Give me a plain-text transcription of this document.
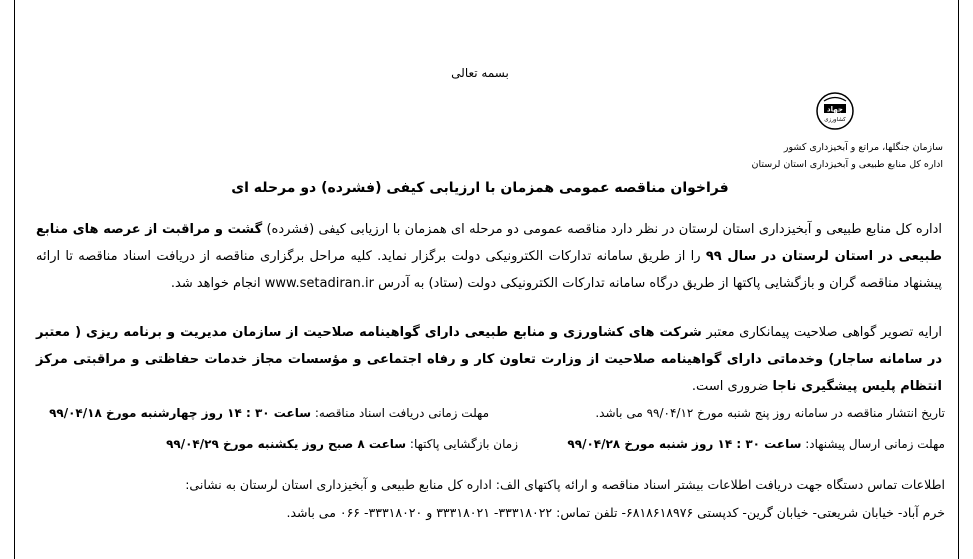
بسمه تعالی
جهاد
کشاورزی
سازمان جنگلها، مراتع و آبخیزداری کشور
اداره کل منابع طبیعی و آبخیزداری استان لرستان
فراخوان مناقصه عمومی همزمان با ارزیابی کیفی (فشرده) دو مرحله ای
اداره کل منابع طبیعی و آبخیزداری استان لرستان در نظر دارد مناقصه عمومی دو مرحله ای همزمان با ارزیابی کیفی (فشرده) گشت و مراقبت از عرصه های منابع طبیعی در استان لرستان در سال ۹۹ را از طریق سامانه تدارکات الکترونیکی دولت برگزار نماید. کلیه مراحل برگزاری مناقصه از دریافت اسناد مناقصه تا ارائه پیشنهاد مناقصه گران و بازگشایی پاکتها از طریق درگاه سامانه تدارکات الکترونیکی دولت (ستاد) به آدرس www.setadiran.ir انجام خواهد شد.
ارایه تصویر گواهی صلاحیت پیمانکاری معتبر شرکت های کشاورزی و منابع طبیعی دارای گواهینامه صلاحیت از سازمان مدیریت و برنامه ریزی ( معتبر در سامانه ساجار) وخدماتی دارای گواهینامه صلاحیت از وزارت تعاون کار و رفاه اجتماعی و مؤسسات مجاز خدمات حفاظتی و مراقبتی مرکز انتظام پلیس پیشگیری ناجا ضروری است.
تاریخ انتشار مناقصه در سامانه روز پنج شنبه مورخ ۹۹/۰۴/۱۲ می باشد.
مهلت زمانی دریافت اسناد مناقصه: ساعت ۳۰ : ۱۴ روز چهارشنبه مورخ ۹۹/۰۴/۱۸
مهلت زمانی ارسال پیشنهاد: ساعت ۳۰ : ۱۴ روز شنبه مورخ ۹۹/۰۴/۲۸
زمان بازگشایی پاکتها: ساعت ۸ صبح روز یکشنبه مورخ ۹۹/۰۴/۲۹
اطلاعات تماس دستگاه جهت دریافت اطلاعات بیشتر اسناد مناقصه و ارائه پاکتهای الف: اداره کل منابع طبیعی و آبخیزداری استان لرستان به نشانی:
خرم آباد- خیابان شریعتی- خیابان گرین- کدپستی ۶۸۱۸۶۱۸۹۷۶- تلفن تماس: ۳۳۳۱۸۰۲۲- ۳۳۳۱۸۰۲۱ و ۳۳۳۱۸۰۲۰- ۰۶۶ می باشد.
